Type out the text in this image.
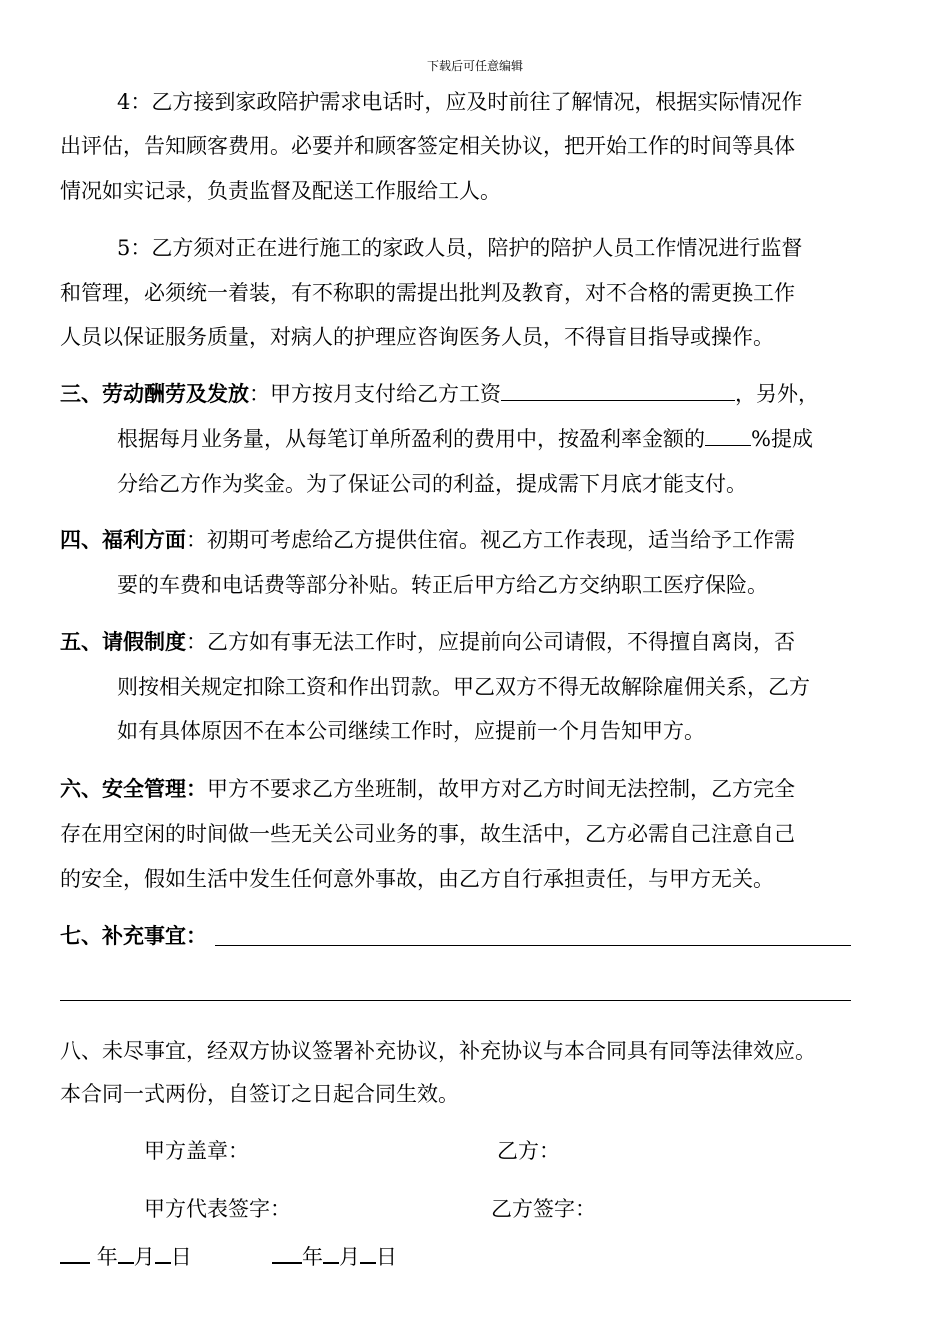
下载后可任意编辑
4：乙方接到家政陪护需求电话时，应及时前往了解情况，根据实际情况作
出评估，告知顾客费用。必要并和顾客签定相关协议，把开始工作的时间等具体
情况如实记录，负责监督及配送工作服给工人。
5：乙方须对正在进行施工的家政人员，陪护的陪护人员工作情况进行监督
和管理，必须统一着装，有不称职的需提出批判及教育，对不合格的需更换工作
人员以保证服务质量，对病人的护理应咨询医务人员，不得盲目指导或操作。
三、劳动酬劳及发放：甲方按月支付给乙方工资	，另外，
根据每月业务量，从每笔订单所盈利的费用中，按盈利率金额的 %提成
分给乙方作为奖金。为了保证公司的利益，提成需下月底才能支付。
四、福利方面：初期可考虑给乙方提供住宿。视乙方工作表现，适当给予工作需
要的车费和电话费等部分补贴。转正后甲方给乙方交纳职工医疗保险。
五、请假制度：乙方如有事无法工作时，应提前向公司请假，不得擅自离岗，否
则按相关规定扣除工资和作出罚款。甲乙双方不得无故解除雇佣关系，乙方
如有具体原因不在本公司继续工作时，应提前一个月告知甲方。
六、安全管理：甲方不要求乙方坐班制，故甲方对乙方时间无法控制，乙方完全
存在用空闲的时间做一些无关公司业务的事，故生活中，乙方必需自己注意自己
的安全，假如生活中发生任何意外事故，由乙方自行承担责任，与甲方无关。
七、补充事宜：
八、未尽事宜，经双方协议签署补充协议，补充协议与本合同具有同等法律效应。
本合同一式两份，自签订之日起合同生效。
甲方盖章：	乙方：
甲方代表签字：	乙方签字：
年 月 日	年 月 日
